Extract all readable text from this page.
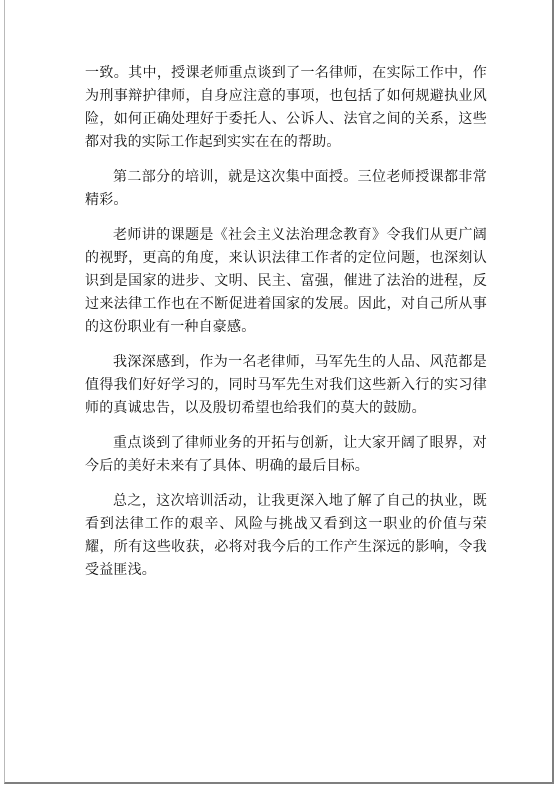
一致。其中，授课老师重点谈到了一名律师，在实际工作中，作为刑事辩护律师，自身应注意的事项，也包括了如何规避执业风险，如何正确处理好于委托人、公诉人、法官之间的关系，这些都对我的实际工作起到实实在在的帮助。

第二部分的培训，就是这次集中面授。三位老师授课都非常精彩。

老师讲的课题是《社会主义法治理念教育》令我们从更广阔的视野，更高的角度，来认识法律工作者的定位问题，也深刻认识到是国家的进步、文明、民主、富强，催进了法治的进程，反过来法律工作也在不断促进着国家的发展。因此，对自己所从事的这份职业有一种自豪感。

我深深感到，作为一名老律师，马军先生的人品、风范都是值得我们好好学习的，同时马军先生对我们这些新入行的实习律师的真诚忠告，以及殷切希望也给我们的莫大的鼓励。

重点谈到了律师业务的开拓与创新，让大家开阔了眼界，对今后的美好未来有了具体、明确的最后目标。

总之，这次培训活动，让我更深入地了解了自己的执业，既看到法律工作的艰辛、风险与挑战又看到这一职业的价值与荣耀，所有这些收获，必将对我今后的工作产生深远的影响，令我受益匪浅。
